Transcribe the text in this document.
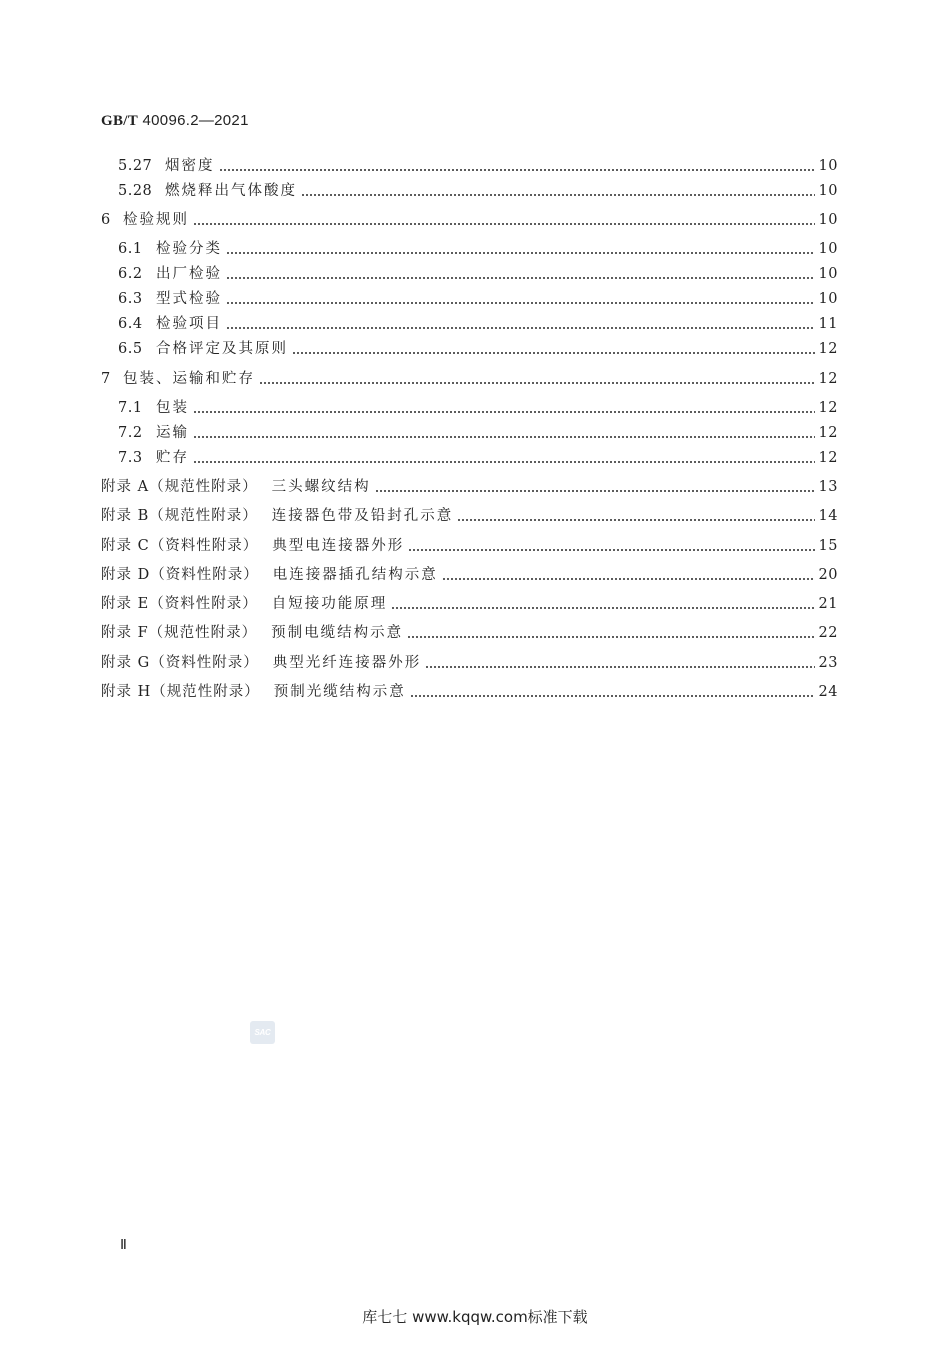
GB/T 40096.2—2021
5.27 烟密度	10
5.28 燃烧释出气体酸度	10
6 检验规则	10
6.1 检验分类	10
6.2 出厂检验	10
6.3 型式检验	10
6.4 检验项目	11
6.5 合格评定及其原则	12
7 包装、运输和贮存	12
7.1 包装	12
7.2 运输	12
7.3 贮存	12
附录 A（规范性附录） 三头螺纹结构	13
附录 B（规范性附录） 连接器色带及铅封孔示意	14
附录 C（资料性附录） 典型电连接器外形	15
附录 D（资料性附录） 电连接器插孔结构示意	20
附录 E（资料性附录） 自短接功能原理	21
附录 F（规范性附录） 预制电缆结构示意	22
附录 G（资料性附录） 典型光纤连接器外形	23
附录 H（规范性附录） 预制光缆结构示意	24
SAC
Ⅱ
库七七 www.kqqw.com标准下载
